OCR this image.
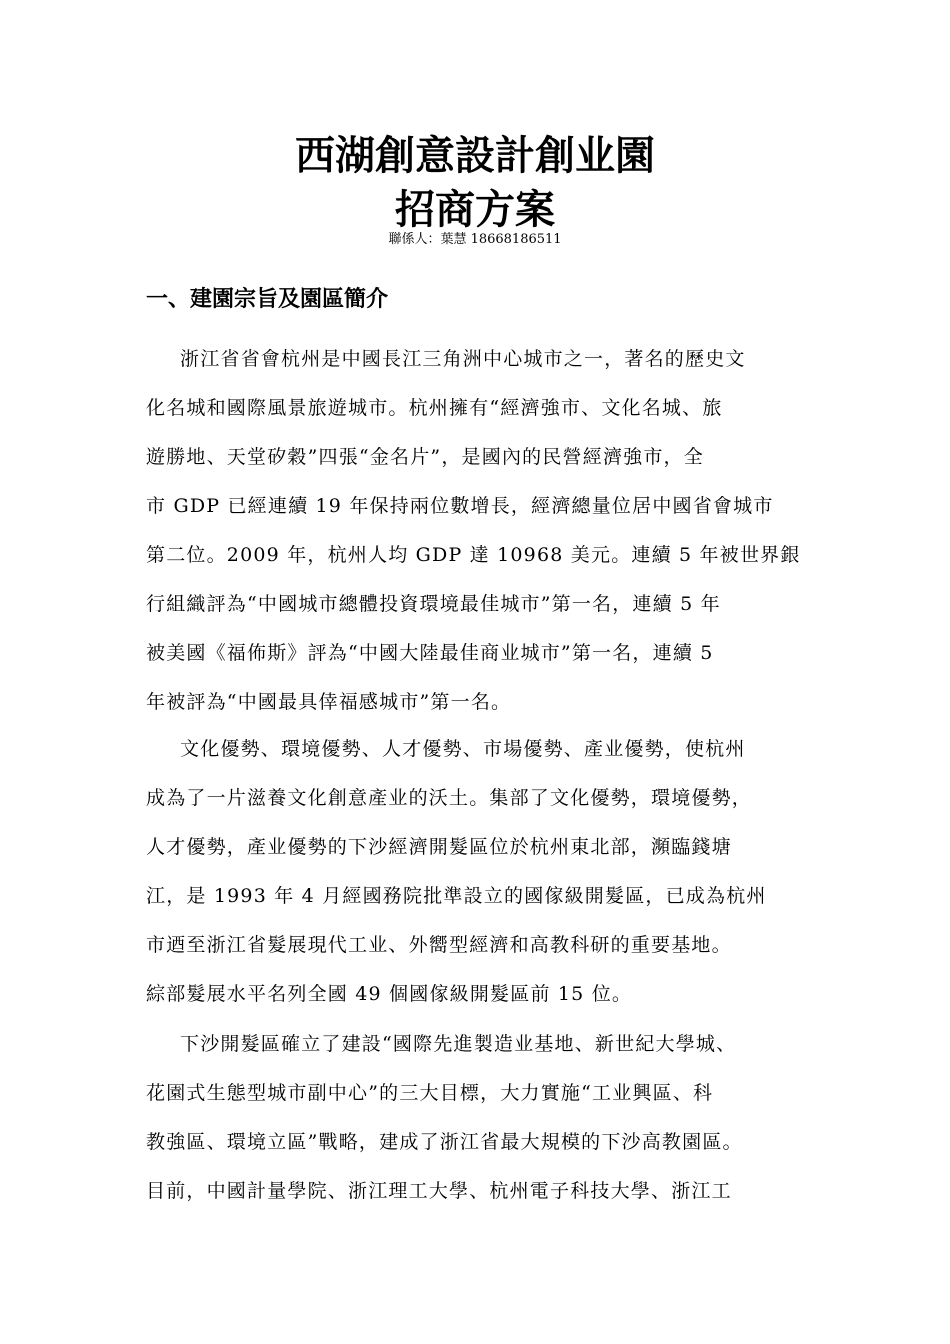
西湖創意設計創业園
招商方案
聯係人：葉慧 18668186511
一、建園宗旨及園區簡介
浙江省省會杭州是中國長江三角洲中心城市之一，著名的歷史文
化名城和國際風景旅遊城市。杭州擁有“經濟強市、文化名城、旅
遊勝地、天堂矽穀”四張“金名片”，是國內的民營經濟強市，全
市 GDP 已經連續 19 年保持兩位數增長，經濟總量位居中國省會城市
第二位。2009 年，杭州人均 GDP 達 10968 美元。連續 5 年被世界銀
行組織評為“中國城市總體投資環境最佳城市”第一名，連續 5 年
被美國《福佈斯》評為“中國大陸最佳商业城市”第一名，連續 5
年被評為“中國最具倖福感城市”第一名。
文化優勢、環境優勢、人才優勢、市場優勢、產业優勢，使杭州
成為了一片滋養文化創意產业的沃土。集部了文化優勢，環境優勢，
人才優勢，產业優勢的下沙經濟開髮區位於杭州東北部，瀕臨錢塘
江，是 1993 年 4 月經國務院批準設立的國傢級開髮區，已成為杭州
市迺至浙江省髮展現代工业、外嚮型經濟和高教科研的重要基地。
綜部髮展水平名列全國 49 個國傢級開髮區前 15 位。
下沙開髮區確立了建設“國際先進製造业基地、新世紀大學城、
花園式生態型城市副中心”的三大目標，大力實施“工业興區、科
教強區、環境立區”戰略，建成了浙江省最大規模的下沙高教園區。
目前，中國計量學院、浙江理工大學、杭州電子科技大學、浙江工
